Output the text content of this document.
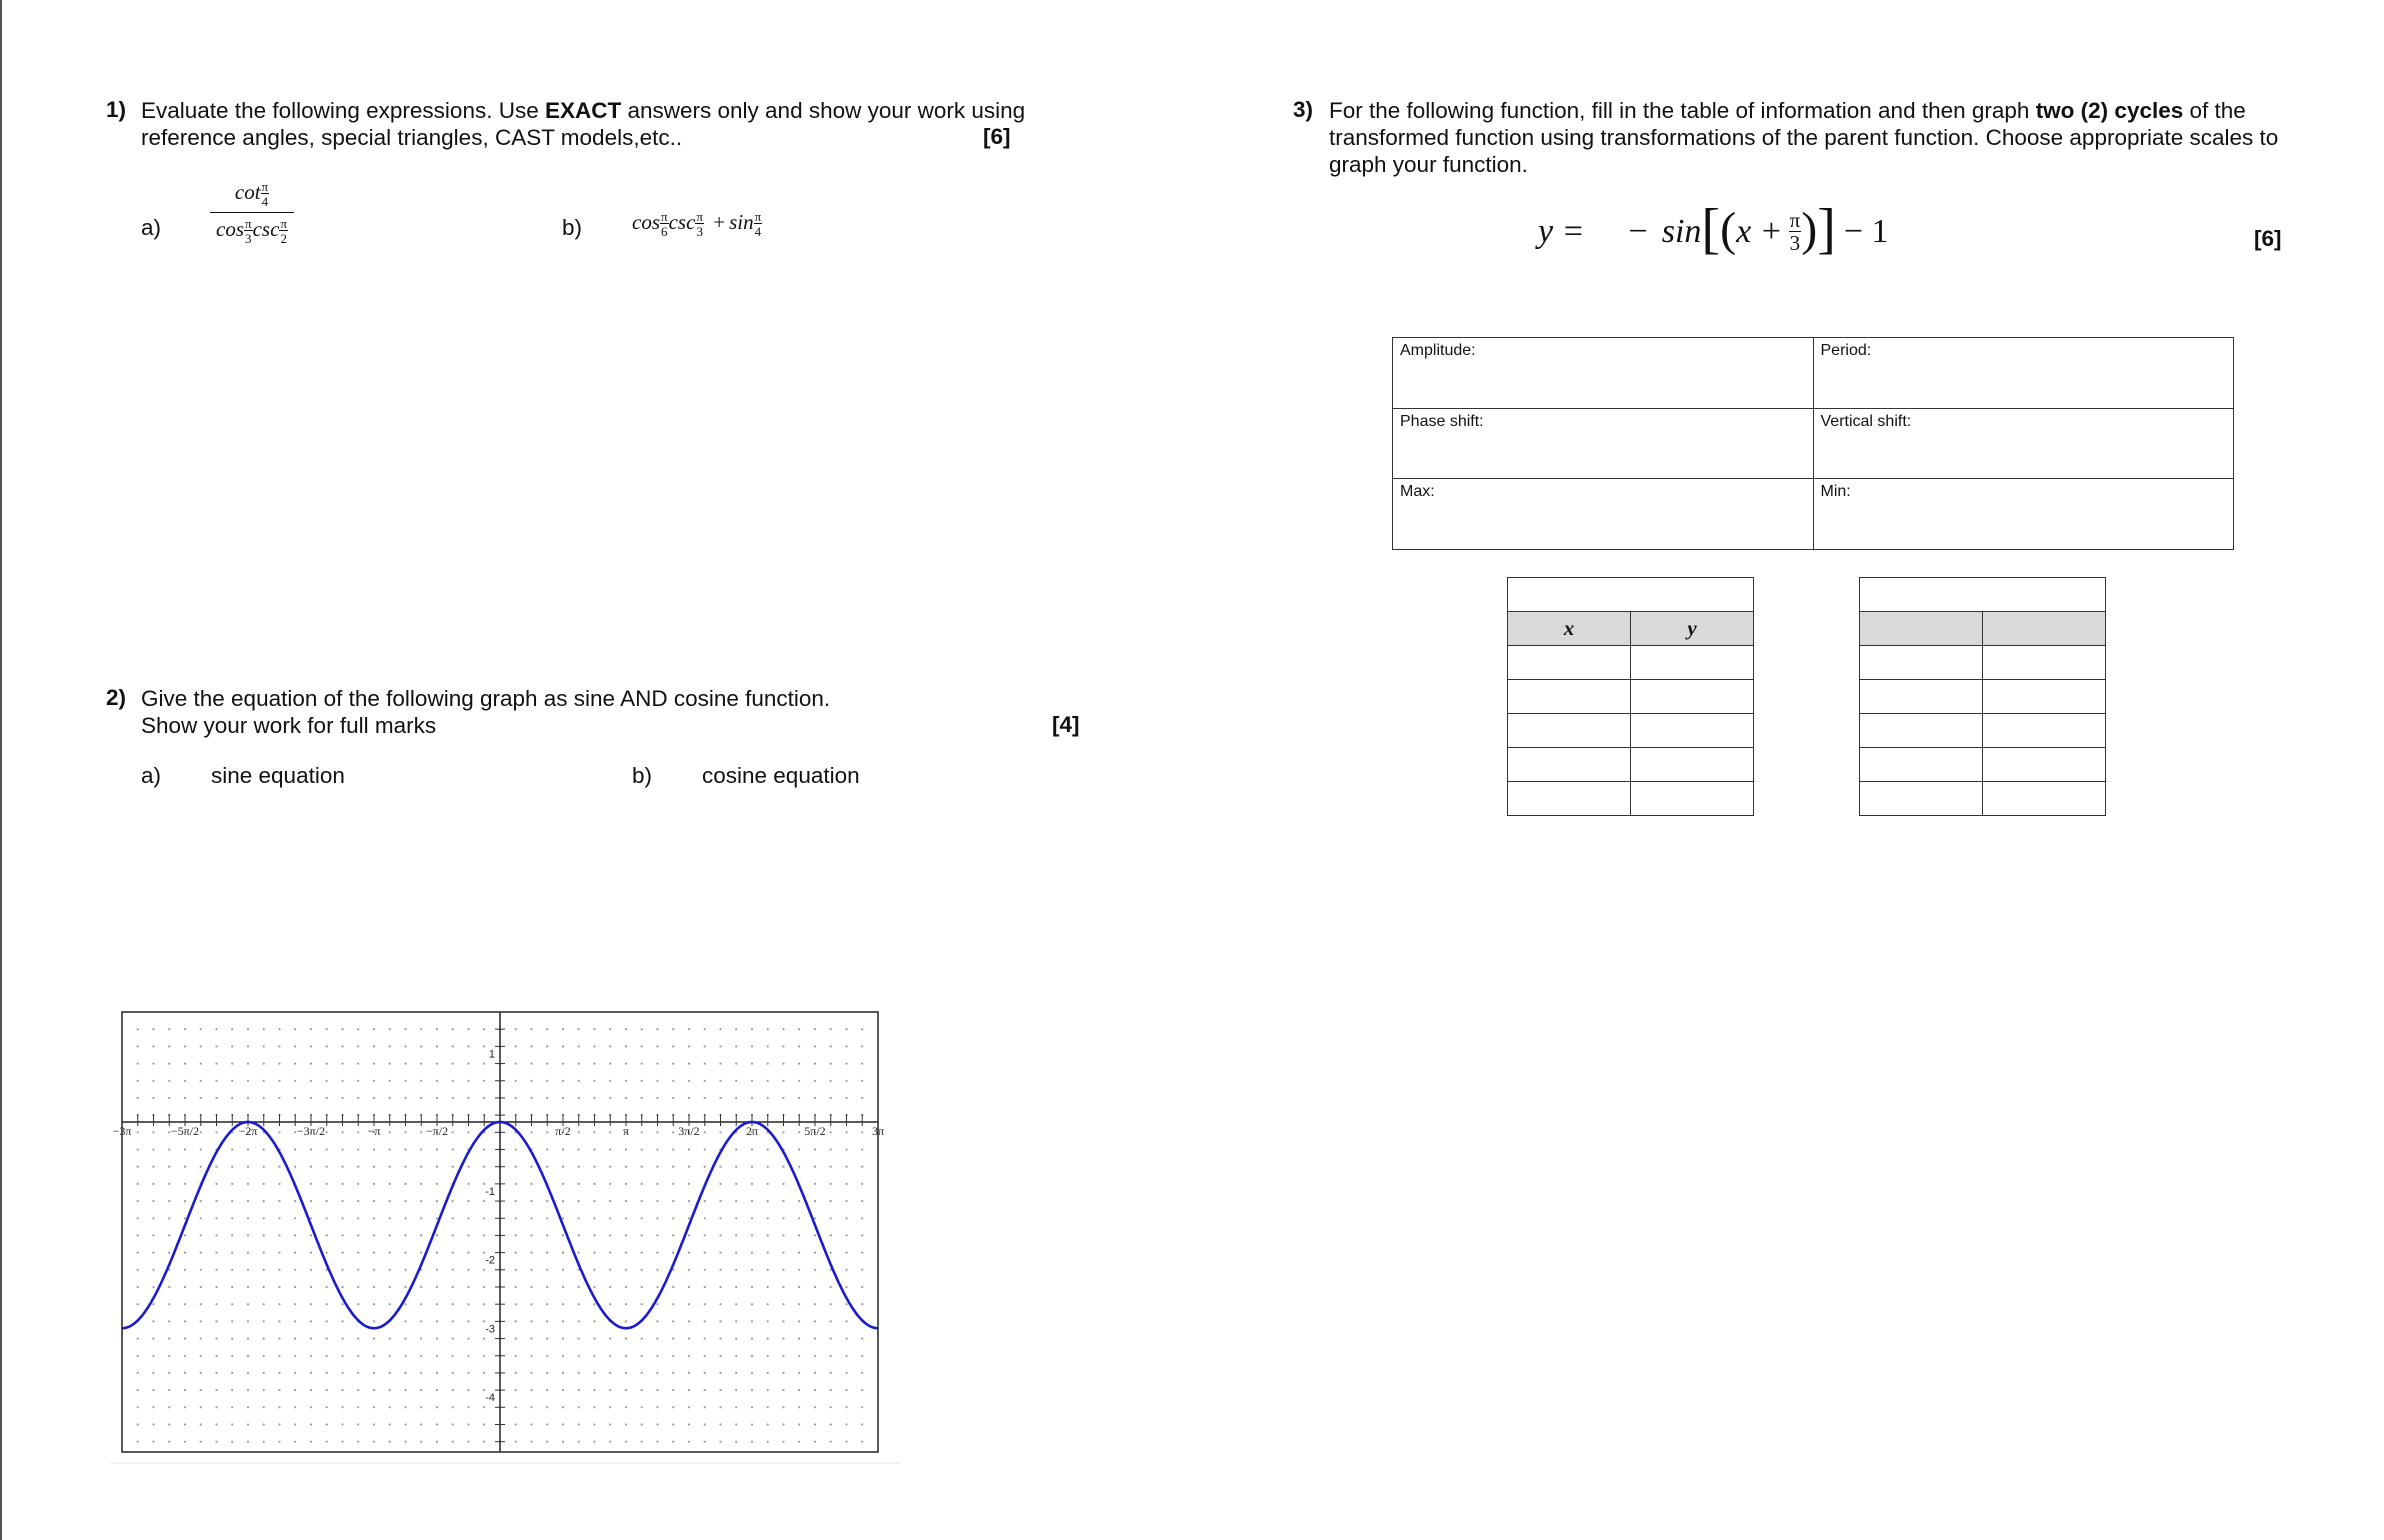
1) Evaluate the following expressions. Use EXACT answers only and show your work using
reference angles, special triangles, CAST models,etc..	[6]
a)
$\cot \frac{\pi}{4}$
$\cos \frac{\pi}{3}$ $\csc \frac{\pi}{2}$	b) $\cos \frac{\pi}{6}$ $\csc \frac{\pi}{3} + \sin \frac{\pi}{4}$
2) Give the equation of the following graph as sine AND cosine function.
Show your work for full marks	[4]
a) sine equation	b) cosine equation
−3π	−5π/2	−2π	−3π/2	−π	−π/2	π/2	π	3π/2	2π	5π/2	3π
1
-1
-2
-3
-4
3) For the following function, fill in the table of information and then graph two (2) cycles of the
transformed function using transformations of the parent function. Choose appropriate scales to
graph your function.
[6]
y = − sin [ ( $x + \frac{\pi}{3}$ ) ] − 1
Amplitude:	Period:
Phase shift:	Vertical shift:
Max:	Min:

x	y
